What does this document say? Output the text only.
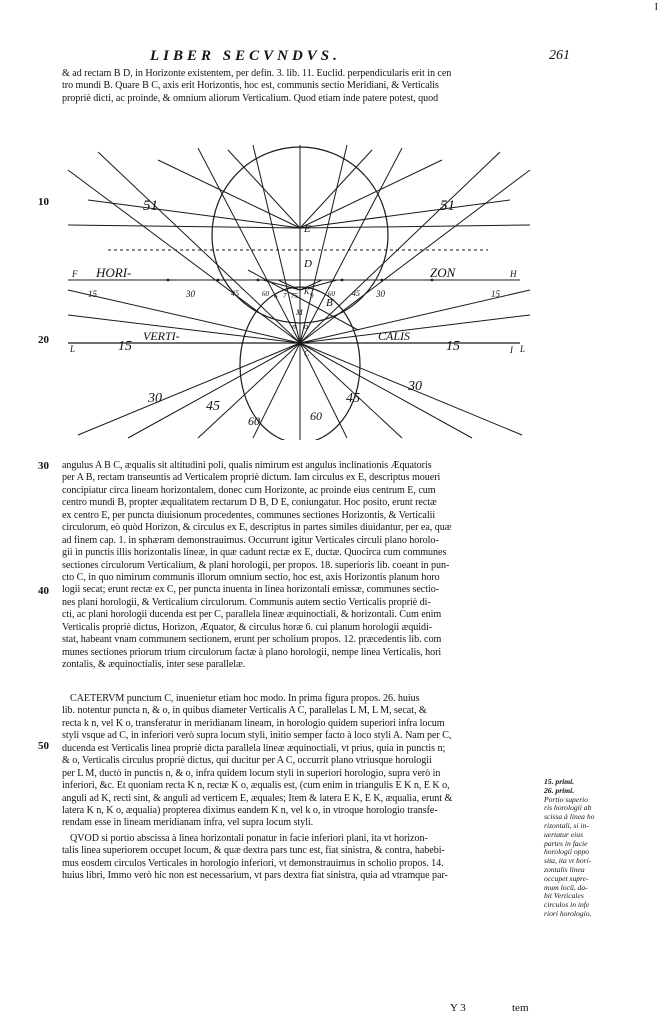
I
LIBER SECVNDVS.	261
& ad rectam B D, in Horizonte existentem, per defin. 3. lib. 11. Euclid. perpendicularis erit in cen
tro mundi B. Quare B C, axis erit Horizontis, hoc est, communis sectio Meridiani, & Verticalis
propriè dicti, ac proinde, & omnium aliorum Verticalium. Quod etiam inde patere potest, quod
10
20
HORI-	ZON
VERTI-	CALIS
E
D
B
K
C
F	H
I
L	L
M
n o
51	51
15	15
30	30
45	45
60	60
15	15
30
30
45
45
6 7 75 9
60	60
30
40
50
angulus A B C, æqualis sit altitudini poli, qualis nimirum est angulus inclinationis Æquatoris
per A B, rectam transeuntis ad Verticalem propriè dictum. Iam circulus ex E, descriptus moueri
concipiatur circa lineam horizontalem, donec cum Horizonte, ac proinde eius centrum E, cum
centro mundi B, propter æqualitatem rectarum D B, D E, coniungatur. Hoc posito, erunt rectæ
ex centro E, per puncta diuisionum procedentes, communes sectiones Horizontis, & Verticalii
circulorum, eò quòd Horizon, & circulus ex E, descriptus in partes similes diuidantur, per ea, quæ
ad finem cap. 1. in sphæram demonstrauimus. Occurrunt igitur Verticales circuli plano horolo-
gii in punctis illis horizontalis lineæ, in quæ cadunt rectæ ex E, ductæ. Quocirca cum communes
sectiones circulorum Verticalium, & plani horologii, per propos. 18. superioris lib. coeant in pun-
cto C, in quo nimirum communis illorum omnium sectio, hoc est, axis Horizontis planum horo
logii secat; erunt rectæ ex C, per puncta inuenta in linea horizontali emissæ, communes sectio-
nes plani horologii, & Verticalium circulorum. Communis autem sectio Verticalis propriè di-
cti, ac plani horologii ducenda est per C, parallela lineæ æquinoctiali, & horizontali. Cum enim
Verticalis propriè dictus, Horizon, Æquator, & circulus horæ 6. cui planum horologii æquidi-
stat, habeant vnam communem sectionem, erunt per scholium propos. 12. præcedentis lib. com
munes sectiones priorum trium circulorum factæ à plano horologii, nempe linea Verticalis, hori
zontalis, & æquinoctialis, inter sese parallelæ.
CAETERVM punctum C, inuenietur etiam hoc modo. In prima figura propos. 26. huius
lib. notentur puncta n, & o, in quibus diameter Verticalis A C, parallelas L M, L M, secat, &
recta k n, vel K o, transferatur in meridianam lineam, in horologio quidem superiori infra locum
styli vsque ad C, in inferiori verò supra locum styli, initio semper facto à loco styli A. Nam per C,
ducenda est Verticalis linea propriè dicta parallela lineæ æquinoctiali, vt prius, quia in punctis n;
& o, Verticalis circulus propriè dictus, qui ducitur per A C, occurrit plano vtriusque horologii
per L M, ductò in punctis n, & o, infra quidem locum styli in superiori horologio, supra verò in
inferiori, &c. Et quoniam recta K n, rectæ K o, æqualis est, (cum enim in triangulis E K n, E K o,
anguli ad K, recti sint, & anguli ad verticem E, æquales; Item & latera E K, E K, æqualia, erunt &
latera K n, K o, æqualia) propterea diximus eandem K n, vel k o, in vtroque horologio transfe-
rendam esse in lineam meridianam infra, vel supra locum styli.
QVOD si portio abscissa à linea horizontali ponatur in facie inferiori plani, ita vt horizon-
talis linea superiorem occupet locum, & quæ dextra pars tunc est, fiat sinistra, & contra, habebi-
mus eosdem circulos Verticales in horologio inferiori, vt demonstrauimus in scholio propos. 14.
huius libri, Immo verò hic non est necessarium, vt pars dextra fiat sinistra, quia ad vtramque par-
15. primi.
26. primi.
Portio superio
ris horologii ab
scissa à linea ho
rizontali, si in-
uertatur eius
partes in facie
horologii oppo
sita, ita vt hori-
zontalis linea
occupet supre-
mum locū, da-
bit Verticales
circulos in infe
riori horologio.
Y 3	tem
